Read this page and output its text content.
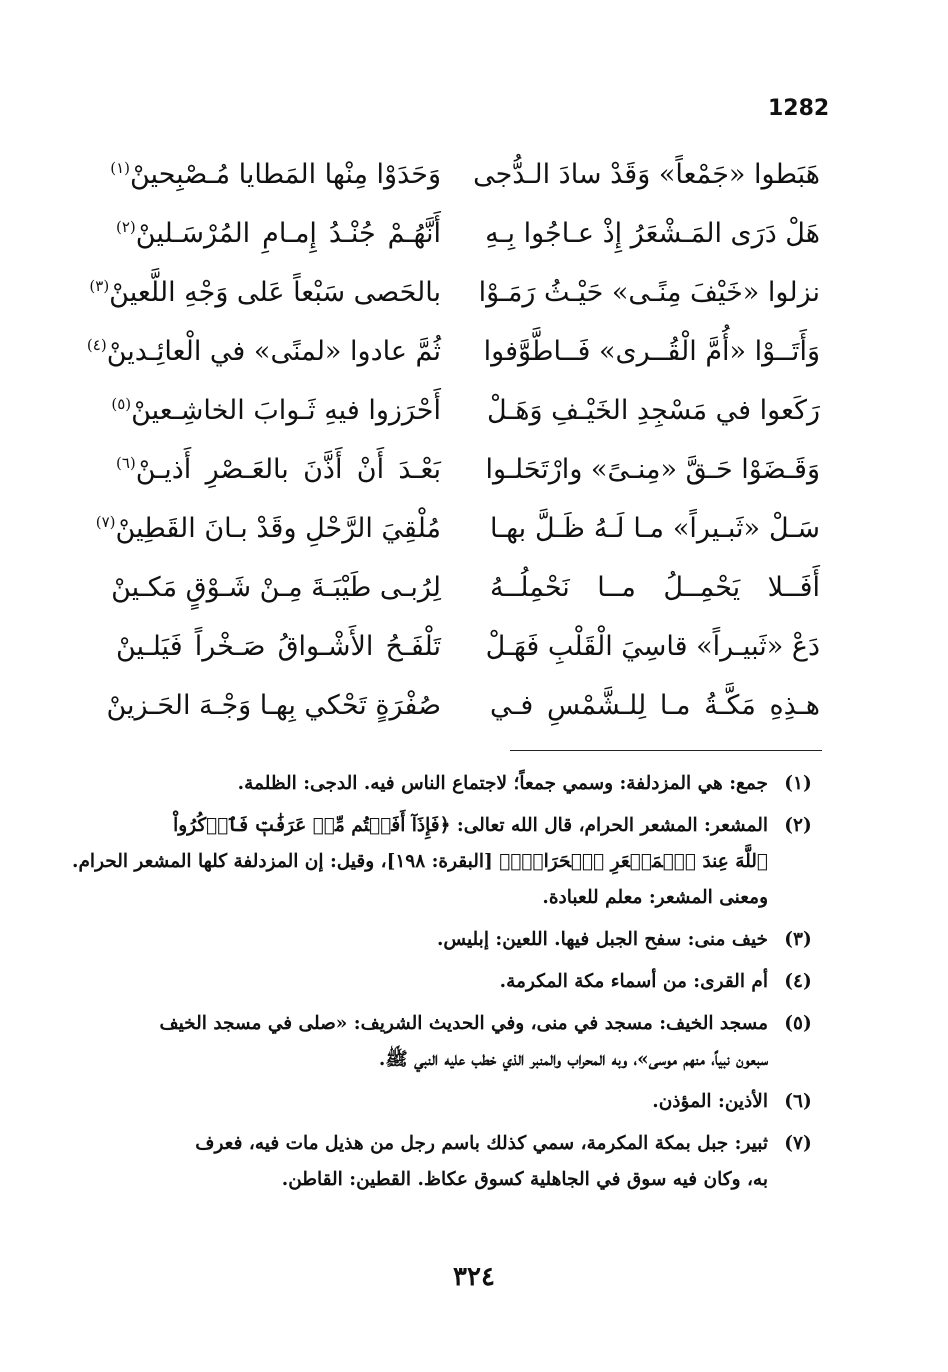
1282
هَبَطوا «جَمْعاً» وَقَدْ سادَ الـدُّجى
وَحَدَوْا مِنْها المَطايا مُـصْبِحينْ$^{(١)}$
هَلْ دَرَى المَـشْعَرُ إِذْ عـاجُوا بِـهِ
أَنَّهُـمْ جُنْـدُ إِمـامِ المُرْسَـلينْ$^{(٢)}$
نزلوا «خَيْفَ مِنًـى» حَيْـثُ رَمَـوْا
بالحَصى سَبْعاً عَلى وَجْهِ اللَّعينْ$^{(٣)}$
وَأَتَــوْا «أُمَّ الْقُــرى» فَــاطَّوَّفوا
ثُمَّ عادوا «لمنًى» في الْعائِـدينْ$^{(٤)}$
رَكَعوا في مَسْجِدِ الخَيْـفِ وَهَـلْ
أَحْرَزوا فيهِ ثَـوابَ الخاشِـعينْ$^{(٥)}$
وَقَـضَوْا حَـقَّ «مِنـىً» وارْتَحَلـوا
بَعْـدَ أَنْ أَذَّنَ بالعَـصْرِ أَذيـنْ$^{(٦)}$
سَـلْ «ثَبـيراً» مـا لَـهُ ظَـلَّ بهـا
مُلْقِيَ الرَّحْلِ وقَدْ بـانَ القَطِينْ$^{(٧)}$
أَفَــلا يَحْمِــلُ مــا نَحْمِلُــهُ
لِرُبـى طَيْبَـةَ مِـنْ شَـوْقٍ مَكـينْ
دَعْ «ثَبيـراً» قاسِيَ الْقَلْبِ فَهَـلْ
تَلْفَـحُ الأَشْـواقُ صَـخْراً فَيَلـينْ
هـذِهِ مَكَّـةُ مـا لِلـشَّمْسِ فـي
صُفْرَةٍ تَحْكي بِهـا وَجْـهَ الحَـزينْ
(١)
جمع: هي المزدلفة: وسمي جمعاً؛ لاجتماع الناس فيه. الدجى: الظلمة.
(٢)
المشعر: المشعر الحرام، قال الله تعالى: ﴿فَإِذَآ أَفَضۡتُم مِّنۡ عَرَفَٰتٖ فَٱذۡكُرُواْ
ٱللَّهَ عِندَ ٱلۡمَشۡعَرِ ٱلۡحَرَامِۖ﴾ [البقرة: ١٩٨]، وقيل: إن المزدلفة كلها المشعر الحرام.
ومعنى المشعر: معلم للعبادة.
(٣)
خيف منى: سفح الجبل فيها. اللعين: إبليس.
(٤)
أم القرى: من أسماء مكة المكرمة.
(٥)
مسجد الخيف: مسجد في منى، وفي الحديث الشريف: «صلى في مسجد الخيف
سبعون نبياً، منهم موسى»، وبه المحراب والمنبر الذي خطب عليه النبي ﷺ.
(٦)
الأذين: المؤذن.
(٧)
ثبير: جبل بمكة المكرمة، سمي كذلك باسم رجل من هذيل مات فيه، فعرف
به، وكان فيه سوق في الجاهلية كسوق عكاظ. القطين: القاطن.
٣٢٤
